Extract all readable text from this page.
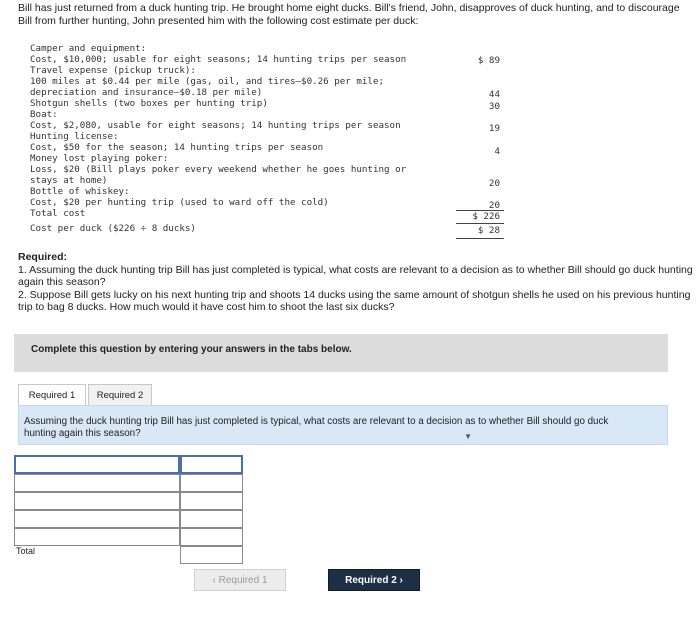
Bill has just returned from a duck hunting trip. He brought home eight ducks. Bill's friend, John, disapproves of duck hunting, and to discourage Bill from further hunting, John presented him with the following cost estimate per duck:
Camper and equipment:
Cost, $10,000; usable for eight seasons; 14 hunting trips per season	$ 89
Travel expense (pickup truck):
100 miles at $0.44 per mile (gas, oil, and tires—$0.26 per mile;
depreciation and insurance—$0.18 per mile)	44
Shotgun shells (two boxes per hunting trip)	30
Boat:
Cost, $2,080, usable for eight seasons; 14 hunting trips per season	19
Hunting license:
Cost, $50 for the season; 14 hunting trips per season	4
Money lost playing poker:
Loss, $20 (Bill plays poker every weekend whether he goes hunting or
stays at home)	20
Bottle of whiskey:
Cost, $20 per hunting trip (used to ward off the cold)	20
Total cost	$ 226
Cost per duck ($226 ÷ 8 ducks)	$ 28
Required:
1. Assuming the duck hunting trip Bill has just completed is typical, what costs are relevant to a decision as to whether Bill should go duck hunting again this season?
2. Suppose Bill gets lucky on his next hunting trip and shoots 14 ducks using the same amount of shotgun shells he used on his previous hunting trip to bag 8 ducks. How much would it have cost him to shoot the last six ducks?
Complete this question by entering your answers in the tabs below.
Required 1	Required 2
Assuming the duck hunting trip Bill has just completed is typical, what costs are relevant to a decision as to whether Bill should go duck hunting again this season?	▼
Total
‹ Required 1	Required 2 ›
